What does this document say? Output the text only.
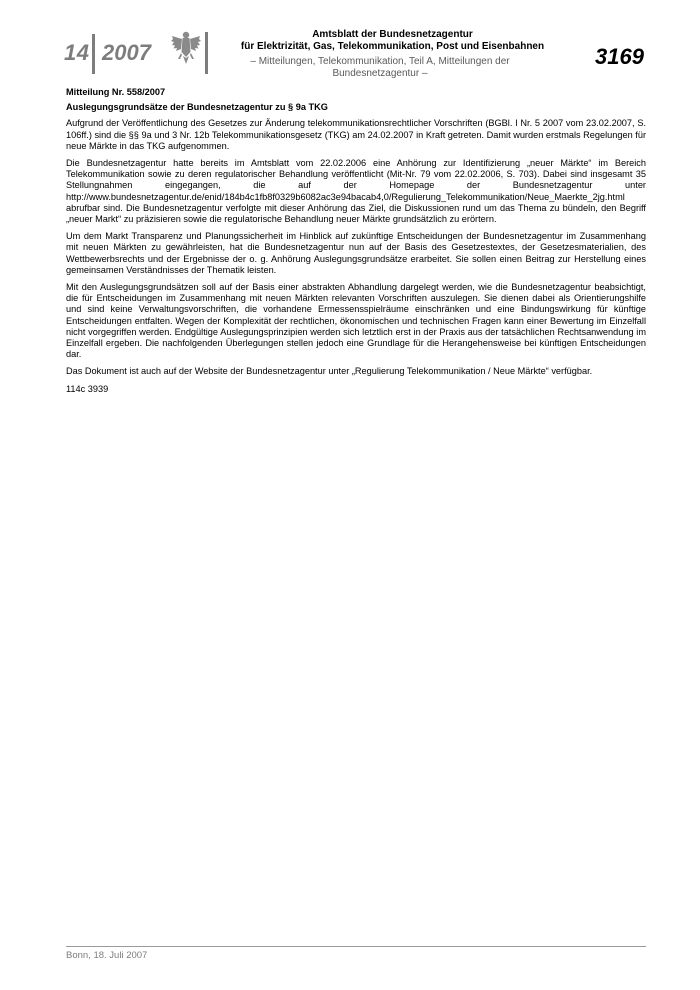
14 2007
Amtsblatt der Bundesnetzagentur
für Elektrizität, Gas, Telekommunikation, Post und Eisenbahnen
– Mitteilungen, Telekommunikation, Teil A, Mitteilungen der Bundesnetzagentur –
3169

Mitteilung Nr. 558/2007

Auslegungsgrundsätze der Bundesnetzagentur zu § 9a TKG

Aufgrund der Veröffentlichung des Gesetzes zur Änderung telekommunikationsrechtlicher Vorschriften (BGBl. I Nr. 5 2007 vom 23.02.2007, S. 106ff.) sind die §§ 9a und 3 Nr. 12b Telekommunikationsgesetz (TKG) am 24.02.2007 in Kraft getreten. Damit wurden erstmals Regelungen für neue Märkte in das TKG aufgenommen.

Die Bundesnetzagentur hatte bereits im Amtsblatt vom 22.02.2006 eine Anhörung zur Identifizierung „neuer Märkte“ im Bereich Telekommunikation sowie zu deren regulatorischer Behandlung veröffentlicht (Mit-Nr. 79 vom 22.02.2006, S. 703). Dabei sind insgesamt 35 Stellungnahmen eingegangen, die auf der Homepage der Bundesnetzagentur unter http://www.bundesnetzagentur.de/enid/184b4c1fb8f0329b6082ac3e94bacab4,0/Regulierung_Telekommunikation/Neue_Maerkte_2jg.html abrufbar sind. Die Bundesnetzagentur verfolgte mit dieser Anhörung das Ziel, die Diskussionen rund um das Thema zu bündeln, den Begriff „neuer Markt“ zu präzisieren sowie die regulatorische Behandlung neuer Märkte grundsätzlich zu erörtern.

Um dem Markt Transparenz und Planungssicherheit im Hinblick auf zukünftige Entscheidungen der Bundesnetzagentur im Zusammenhang mit neuen Märkten zu gewährleisten, hat die Bundesnetzagentur nun auf der Basis des Gesetzestextes, der Gesetzesmaterialien, des Wettbewerbsrechts und der Ergebnisse der o. g. Anhörung Auslegungsgrundsätze erarbeitet. Sie sollen einen Beitrag zur Herstellung eines gemeinsamen Verständnisses der Thematik leisten.

Mit den Auslegungsgrundsätzen soll auf der Basis einer abstrakten Abhandlung dargelegt werden, wie die Bundesnetzagentur beabsichtigt, die für Entscheidungen im Zusammenhang mit neuen Märkten relevanten Vorschriften auszulegen. Sie dienen dabei als Orientierungshilfe und sind keine Verwaltungsvorschriften, die vorhandene Ermessensspielräume einschränken und eine Bindungswirkung für künftige Entscheidungen entfalten. Wegen der Komplexität der rechtlichen, ökonomischen und technischen Fragen kann einer Bewertung im Einzelfall nicht vorgegriffen werden. Endgültige Auslegungsprinzipien werden sich letztlich erst in der Praxis aus der tatsächlichen Rechtsanwendung im Einzelfall ergeben. Die nachfolgenden Überlegungen stellen jedoch eine Grundlage für die Herangehensweise bei künftigen Entscheidungen dar.

Das Dokument ist auch auf der Website der Bundesnetzagentur unter „Regulierung Telekommunikation / Neue Märkte“ verfügbar.

114c 3939

Bonn, 18. Juli 2007
